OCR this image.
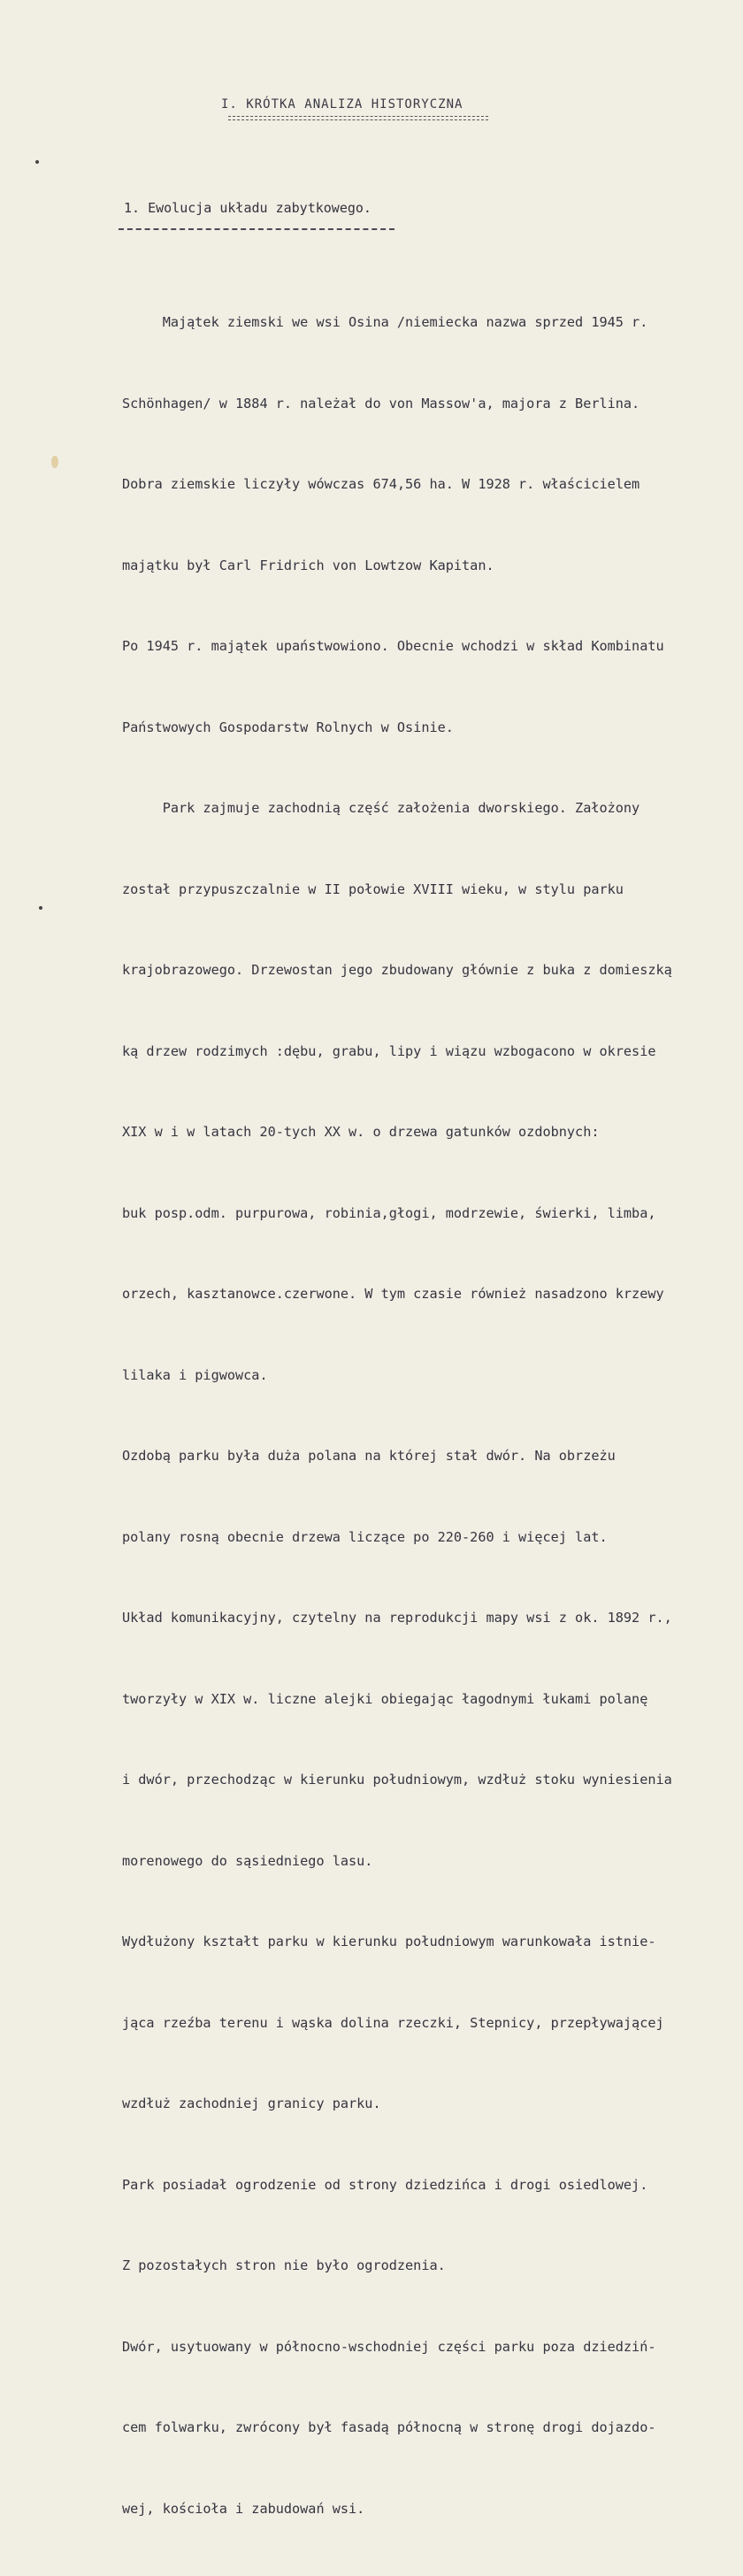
I. KRÓTKA ANALIZA HISTORYCZNA
1. Ewolucja układu zabytkowego.

Majątek ziemski we wsi Osina /niemiecka nazwa sprzed 1945 r.

Schönhagen/ w 1884 r. należał do von Massow'a, majora z Berlina.

Dobra ziemskie liczyły wówczas 674,56 ha. W 1928 r. właścicielem

majątku był Carl Fridrich von Lowtzow Kapitan.

Po 1945 r. majątek upaństwowiono. Obecnie wchodzi w skład Kombinatu

Państwowych Gospodarstw Rolnych w Osinie.

Park zajmuje zachodnią część założenia dworskiego. Założony

został przypuszczalnie w II połowie XVIII wieku, w stylu parku

krajobrazowego. Drzewostan jego zbudowany głównie z buka z domieszką

ką drzew rodzimych :dębu, grabu, lipy i wiązu wzbogacono w okresie

XIX w i w latach 20-tych XX w. o drzewa gatunków ozdobnych:

buk posp.odm. purpurowa, robinia,głogi, modrzewie, świerki, limba,

orzech, kasztanowce.czerwone. W tym czasie również nasadzono krzewy

lilaka i pigwowca.

Ozdobą parku była duża polana na której stał dwór. Na obrzeżu

polany rosną obecnie drzewa liczące po 220-260 i więcej lat.

Układ komunikacyjny, czytelny na reprodukcji mapy wsi z ok. 1892 r.,

tworzyły w XIX w. liczne alejki obiegając łagodnymi łukami polanę

i dwór, przechodząc w kierunku południowym, wzdłuż stoku wyniesienia

morenowego do sąsiedniego lasu.

Wydłużony kształt parku w kierunku południowym warunkowała istnie-

jąca rzeźba terenu i wąska dolina rzeczki, Stepnicy, przepływającej

wzdłuż zachodniej granicy parku.

Park posiadał ogrodzenie od strony dziedzińca i drogi osiedlowej.

Z pozostałych stron nie było ogrodzenia.

Dwór, usytuowany w północno-wschodniej części parku poza dziedziń-

cem folwarku, zwrócony był fasadą północną w stronę drogi dojazdo-

wej, kościoła i zabudowań wsi.
